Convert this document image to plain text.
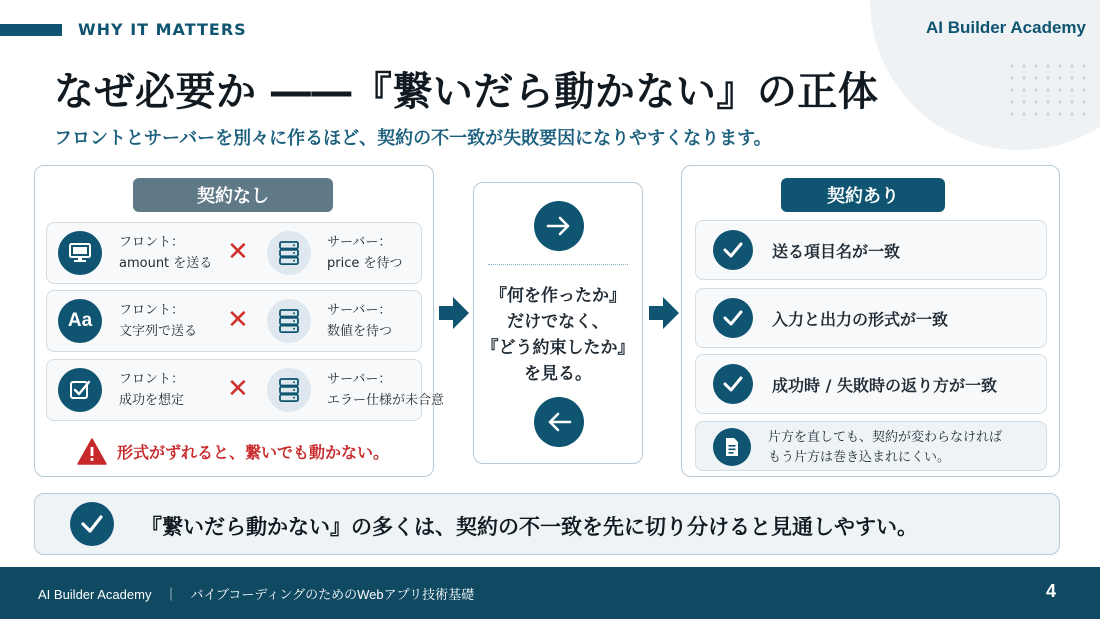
WHY IT MATTERS	AI Builder Academy
なぜ必要か ――『繋いだら動かない』の正体
フロントとサーバーを別々に作るほど、契約の不一致が失敗要因になりやすくなります。
契約なし
フロント：
amount を送る ✕	サーバー：
price を待つ
Aa フロント：
文字列で送る ✕	サーバー：
数値を待つ
フロント：
成功を想定 ✕	サーバー：
エラー仕様が未合意
形式がずれると、繋いでも動かない。
『何を作ったか』
だけでなく、
『どう約束したか』
を見る。
契約あり
送る項目名が一致
入力と出力の形式が一致
成功時 / 失敗時の返り方が一致
片方を直しても、契約が変わらなければ
もう片方は巻き込まれにくい。
『繋いだら動かない』の多くは、契約の不一致を先に切り分けると見通しやすい。
AI Builder Academy　｜　バイブコーディングのためのWebアプリ技術基礎	4
